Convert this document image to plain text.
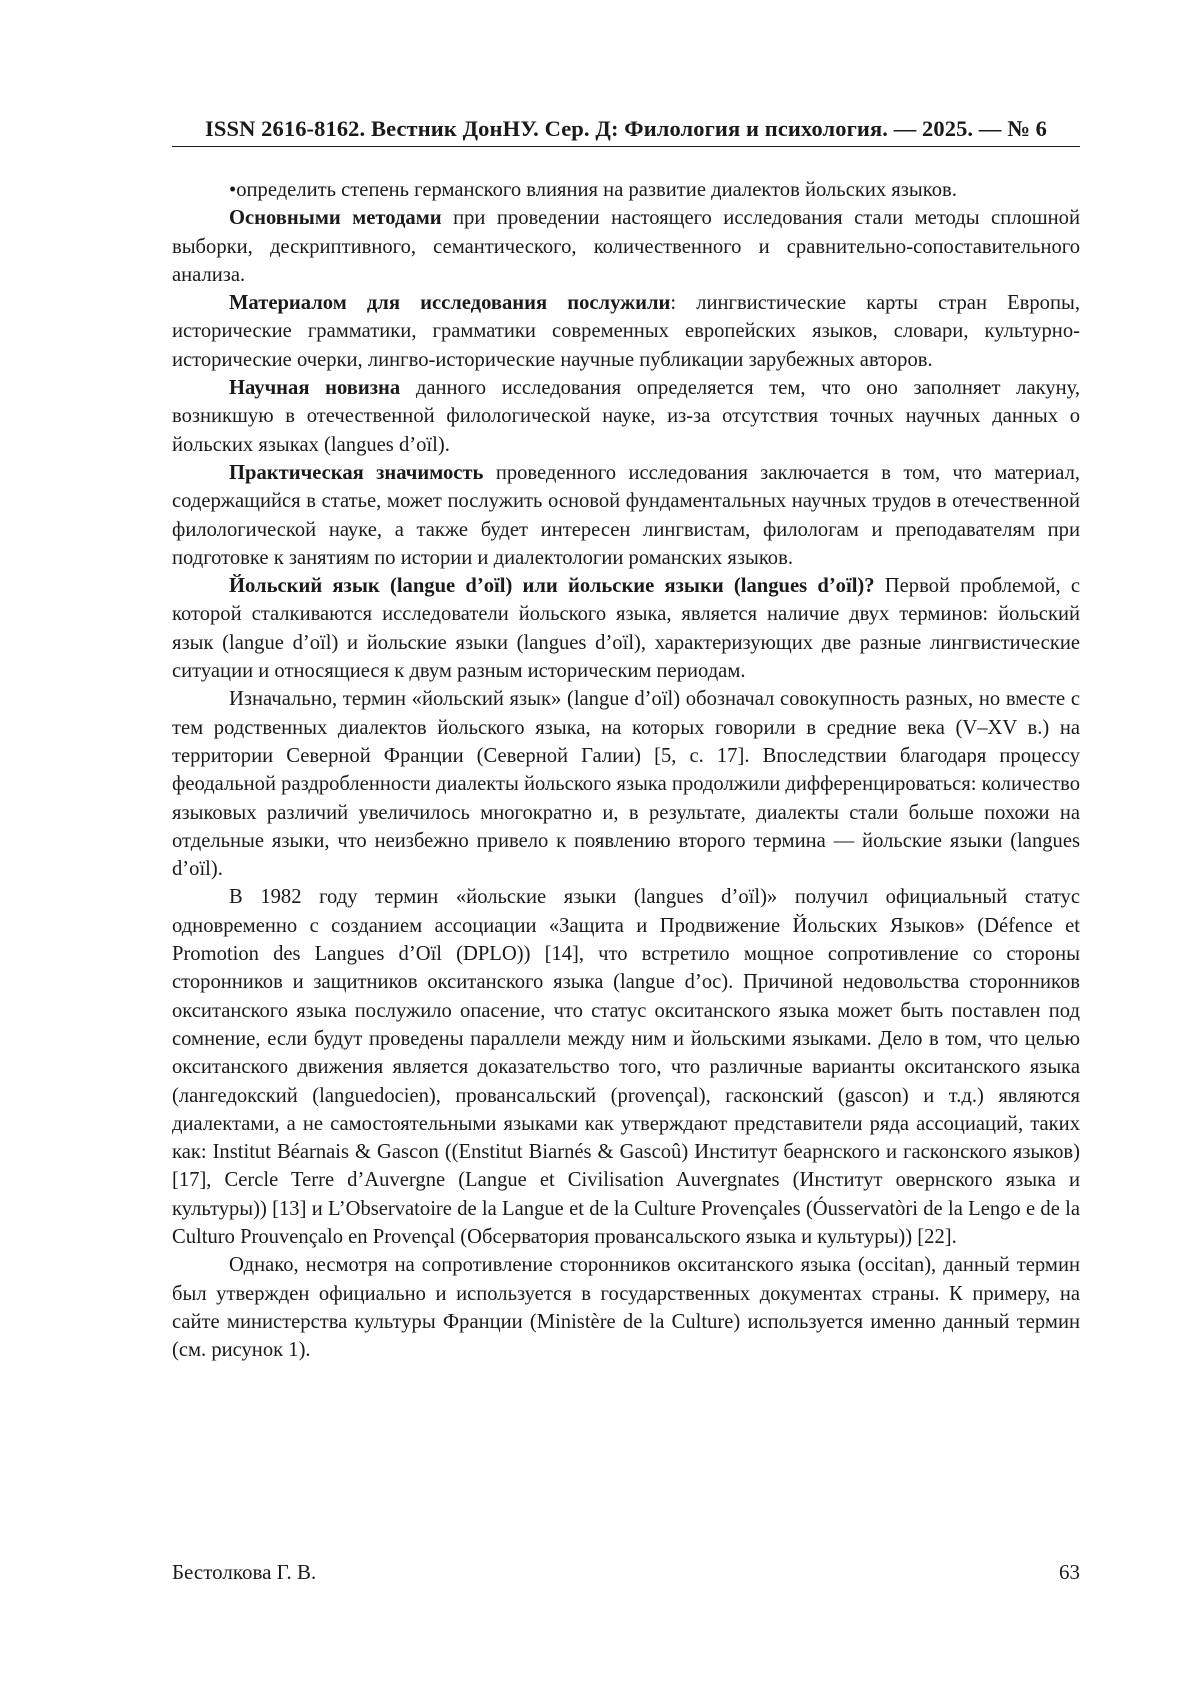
ISSN 2616-8162. Вестник ДонНУ. Сер. Д: Филология и психология. — 2025. — № 6

•определить степень германского влияния на развитие диалектов йольских языков.

Основными методами при проведении настоящего исследования стали методы сплошной выборки, дескриптивного, семантического, количественного и сравнительно-сопоставительного анализа.

Материалом для исследования послужили: лингвистические карты стран Европы, исторические грамматики, грамматики современных европейских языков, словари, культурно-исторические очерки, лингво-исторические научные публикации зарубежных авторов.

Научная новизна данного исследования определяется тем, что оно заполняет лакуну, возникшую в отечественной филологической науке, из-за отсутствия точных научных данных о йольских языках (langues d’oïl).

Практическая значимость проведенного исследования заключается в том, что материал, содержащийся в статье, может послужить основой фундаментальных научных трудов в отечественной филологической науке, а также будет интересен лингвистам, филологам и преподавателям при подготовке к занятиям по истории и диалектологии романских языков.

Йольский язык (langue d’oïl) или йольские языки (langues d’oïl)? Первой проблемой, с которой сталкиваются исследователи йольского языка, является наличие двух терминов: йольский язык (langue d’oïl) и йольские языки (langues d’oïl), характеризующих две разные лингвистические ситуации и относящиеся к двум разным историческим периодам.

Изначально, термин «йольский язык» (langue d’oïl) обозначал совокупность разных, но вместе с тем родственных диалектов йольского языка, на которых говорили в средние века (V–XV в.) на территории Северной Франции (Северной Галии) [5, с. 17]. Впоследствии благодаря процессу феодальной раздробленности диалекты йольского языка продолжили дифференцироваться: количество языковых различий увеличилось многократно и, в результате, диалекты стали больше похожи на отдельные языки, что неизбежно привело к появлению второго термина — йольские языки (langues d’oïl).

В 1982 году термин «йольские языки (langues d’oïl)» получил официальный статус одновременно с созданием ассоциации «Защита и Продвижение Йольских Языков» (Défence et Promotion des Langues d’Oïl (DPLO)) [14], что встретило мощное сопротивление со стороны сторонников и защитников окситанского языка (langue d’oc). Причиной недовольства сторонников окситанского языка послужило опасение, что статус окситанского языка может быть поставлен под сомнение, если будут проведены параллели между ним и йольскими языками. Дело в том, что целью окситанского движения является доказательство того, что различные варианты окситанского языка (лангедокский (languedocien), провансальский (provençal), гасконский (gascon) и т.д.) являются диалектами, а не самостоятельными языками как утверждают представители ряда ассоциаций, таких как: Institut Béarnais & Gascon ((Enstitut Biarnés & Gascoû) Институт беарнского и гасконского языков) [17], Cercle Terre d’Auvergne (Langue et Civilisation Auvergnates (Институт овернского языка и культуры)) [13] и L’Observatoire de la Langue et de la Culture Provençales (Óusservatòri de la Lengo e de la Culturo Prouvençalo en Provençal (Обсерватория провансальского языка и культуры)) [22].

Однако, несмотря на сопротивление сторонников окситанского языка (occitan), данный термин был утвержден официально и используется в государственных документах страны. К примеру, на сайте министерства культуры Франции (Ministère de la Culture) используется именно данный термин (см. рисунок 1).

Бестолкова Г. В.	63
